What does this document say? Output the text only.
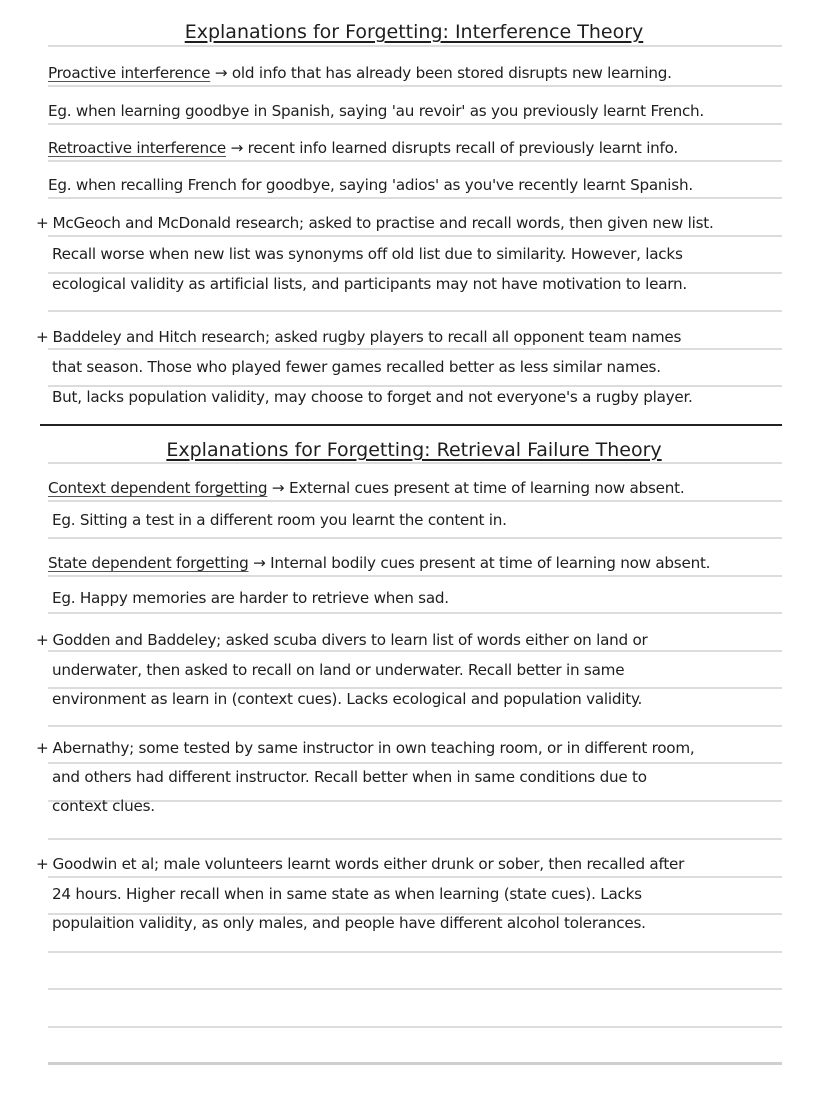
Explanations for Forgetting: Interference Theory
Proactive interference → old info that has already been stored disrupts new learning.
Eg. when learning goodbye in Spanish, saying 'au revoir' as you previously learnt French.
Retroactive interference → recent info learned disrupts recall of previously learnt info.
Eg. when recalling French for goodbye, saying 'adios' as you've recently learnt Spanish.
+ McGeoch and McDonald research; asked to practise and recall words, then given new list.
Recall worse when new list was synonyms off old list due to similarity. However, lacks
ecological validity as artificial lists, and participants may not have motivation to learn.
+ Baddeley and Hitch research; asked rugby players to recall all opponent team names
that season. Those who played fewer games recalled better as less similar names.
But, lacks population validity, may choose to forget and not everyone's a rugby player.
Explanations for Forgetting: Retrieval Failure Theory
Context dependent forgetting → External cues present at time of learning now absent.
Eg. Sitting a test in a different room you learnt the content in.
State dependent forgetting → Internal bodily cues present at time of learning now absent.
Eg. Happy memories are harder to retrieve when sad.
+ Godden and Baddeley; asked scuba divers to learn list of words either on land or
underwater, then asked to recall on land or underwater. Recall better in same
environment as learn in (context cues). Lacks ecological and population validity.
+ Abernathy; some tested by same instructor in own teaching room, or in different room,
and others had different instructor. Recall better when in same conditions due to
context clues.
+ Goodwin et al; male volunteers learnt words either drunk or sober, then recalled after
24 hours. Higher recall when in same state as when learning (state cues). Lacks
populaition validity, as only males, and people have different alcohol tolerances.
